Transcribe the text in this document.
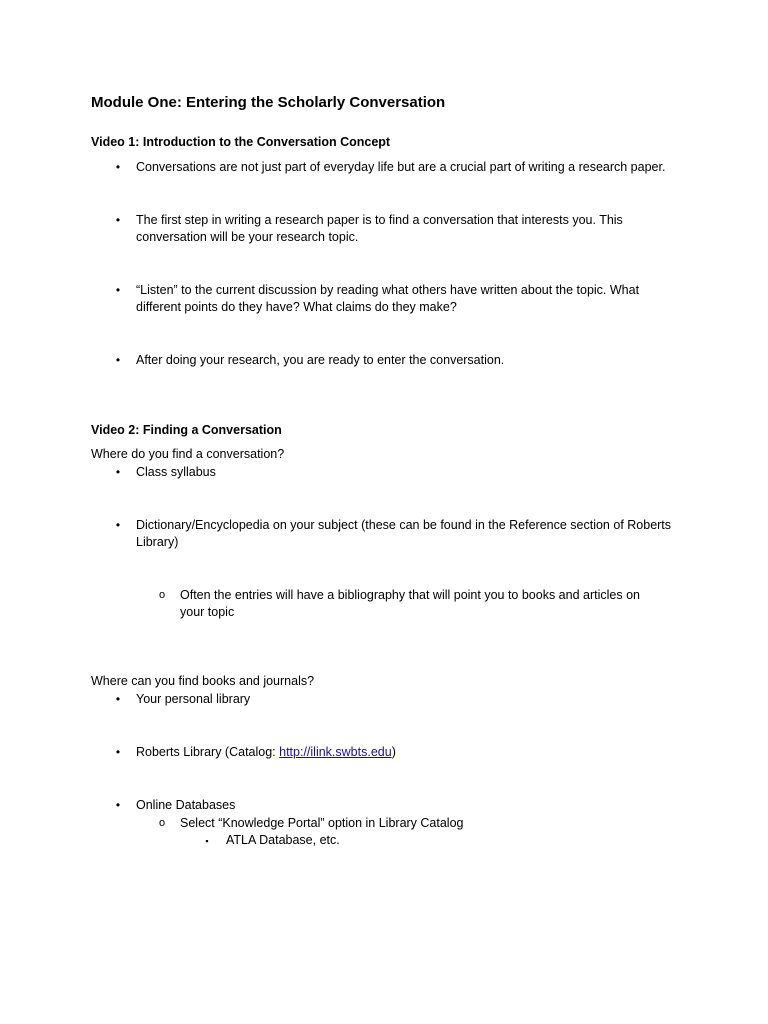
Module One: Entering the Scholarly Conversation
Video 1: Introduction to the Conversation Concept
•	Conversations are not just part of everyday life but are a crucial part of writing a research paper.
•	The first step in writing a research paper is to find a conversation that interests you. This conversation will be your research topic.
•	“Listen” to the current discussion by reading what others have written about the topic. What different points do they have? What claims do they make?
•	After doing your research, you are ready to enter the conversation.
Video 2: Finding a Conversation
Where do you find a conversation?
•	Class syllabus
•	Dictionary/Encyclopedia on your subject (these can be found in the Reference section of Roberts Library)
o Often the entries will have a bibliography that will point you to books and articles on your topic
Where can you find books and journals?
•	Your personal library
•	Roberts Library (Catalog: http://ilink.swbts.edu)
•	Online Databases
o Select “Knowledge Portal” option in Library Catalog
▪	ATLA Database, etc.
